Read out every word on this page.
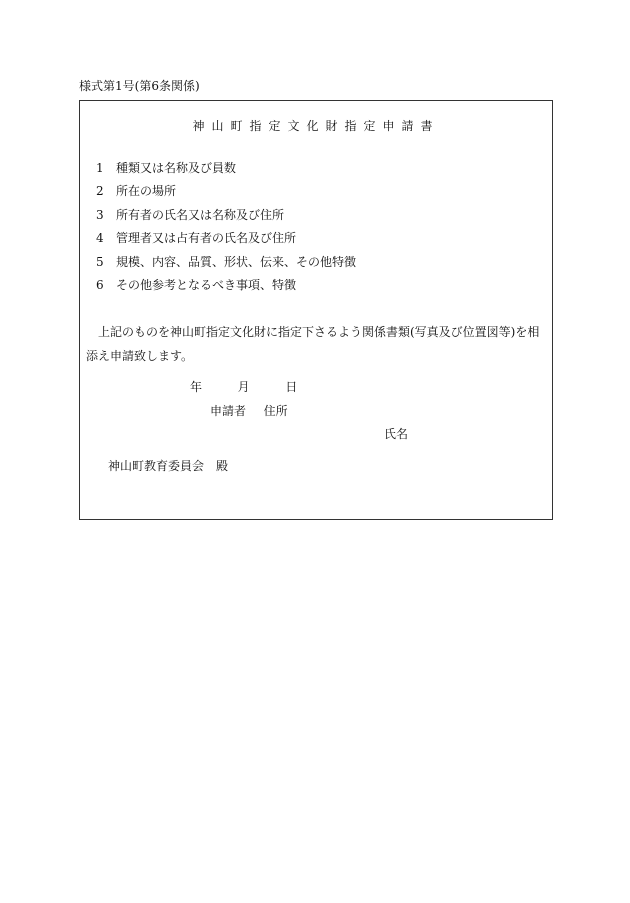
様式第1号(第6条関係)
神山町指定文化財指定申請書
1 種類又は名称及び員数
2 所在の場所
3 所有者の氏名又は名称及び住所
4 管理者又は占有者の氏名及び住所
5 規模、内容、品質、形状、伝来、その他特徴
6 その他参考となるべき事項、特徴

上記のものを神山町指定文化財に指定下さるよう関係書類(写真及び位置図等)を相添え申請致します。

年	月	日
申請者 住所
氏名
神山町教育委員会　殿
